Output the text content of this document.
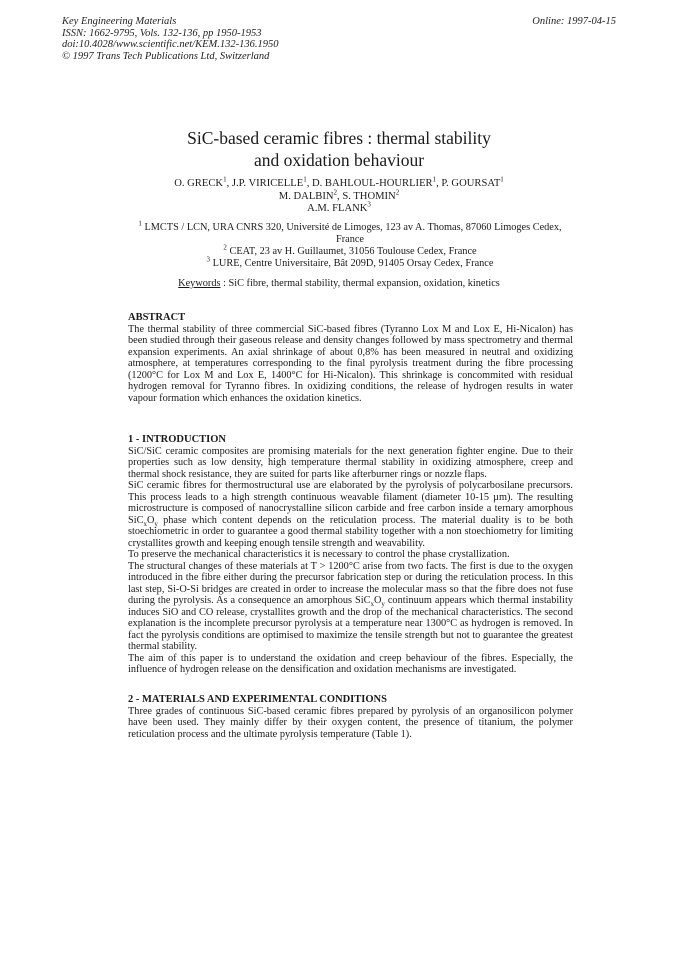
Key Engineering Materials
ISSN: 1662-9795, Vols. 132-136, pp 1950-1953
doi:10.4028/www.scientific.net/KEM.132-136.1950
© 1997 Trans Tech Publications Ltd, Switzerland
Online: 1997-04-15
SiC-based ceramic fibres : thermal stability
and oxidation behaviour
O. GRECK$^1$, J.P. VIRICELLE$^1$, D. BAHLOUL-HOURLIER$^1$, P. GOURSAT$^1$
M. DALBIN$^2$, S. THOMIN$^2$
A.M. FLANK$^3$
$^1$ LMCTS / LCN, URA CNRS 320, Université de Limoges, 123 av A. Thomas, 87060 Limoges Cedex, France
$^2$ CEAT, 23 av H. Guillaumet, 31056 Toulouse Cedex, France
$^3$ LURE, Centre Universitaire, Bât 209D, 91405 Orsay Cedex, France
Keywords : SiC fibre, thermal stability, thermal expansion, oxidation, kinetics
ABSTRACT

The thermal stability of three commercial SiC-based fibres (Tyranno Lox M and Lox E, Hi-Nicalon) has been studied through their gaseous release and density changes followed by mass spectrometry and thermal expansion experiments. An axial shrinkage of about 0,8% has been measured in neutral and oxidizing atmosphere, at temperatures corresponding to the final pyrolysis treatment during the fibre processing (1200°C for Lox M and Lox E, 1400°C for Hi-Nicalon). This shrinkage is concommited with residual hydrogen removal for Tyranno fibres. In oxidizing conditions, the release of hydrogen results in water vapour formation which enhances the oxidation kinetics.

1 - INTRODUCTION

SiC/SiC ceramic composites are promising materials for the next generation fighter engine. Due to their properties such as low density, high temperature thermal stability in oxidizing atmosphere, creep and thermal shock resistance, they are suited for parts like afterburner rings or nozzle flaps.

SiC ceramic fibres for thermostructural use are elaborated by the pyrolysis of polycarbosilane precursors. This process leads to a high strength continuous weavable filament (diameter 10-15 µm). The resulting microstructure is composed of nanocrystalline silicon carbide and free carbon inside a ternary amorphous $SiC_xO_y$ phase which content depends on the reticulation process. The material duality is to be both stoechiometric in order to guarantee a good thermal stability together with a non stoechiometry for limiting crystallites growth and keeping enough tensile strength and weavability.

To preserve the mechanical characteristics it is necessary to control the phase crystallization.

The structural changes of these materials at T > 1200°C arise from two facts. The first is due to the oxygen introduced in the fibre either during the precursor fabrication step or during the reticulation process. In this last step, Si-O-Si bridges are created in order to increase the molecular mass so that the fibre does not fuse during the pyrolysis. As a consequence an amorphous $SiC_xO_y$ continuum appears which thermal instability induces SiO and CO release, crystallites growth and the drop of the mechanical characteristics. The second explanation is the incomplete precursor pyrolysis at a temperature near 1300°C as hydrogen is removed. In fact the pyrolysis conditions are optimised to maximize the tensile strength but not to guarantee the greatest thermal stability.

The aim of this paper is to understand the oxidation and creep behaviour of the fibres. Especially, the influence of hydrogen release on the densification and oxidation mechanisms are investigated.

2 - MATERIALS AND EXPERIMENTAL CONDITIONS

Three grades of continuous SiC-based ceramic fibres prepared by pyrolysis of an organosilicon polymer have been used. They mainly differ by their oxygen content, the presence of titanium, the polymer reticulation process and the ultimate pyrolysis temperature (Table 1).
